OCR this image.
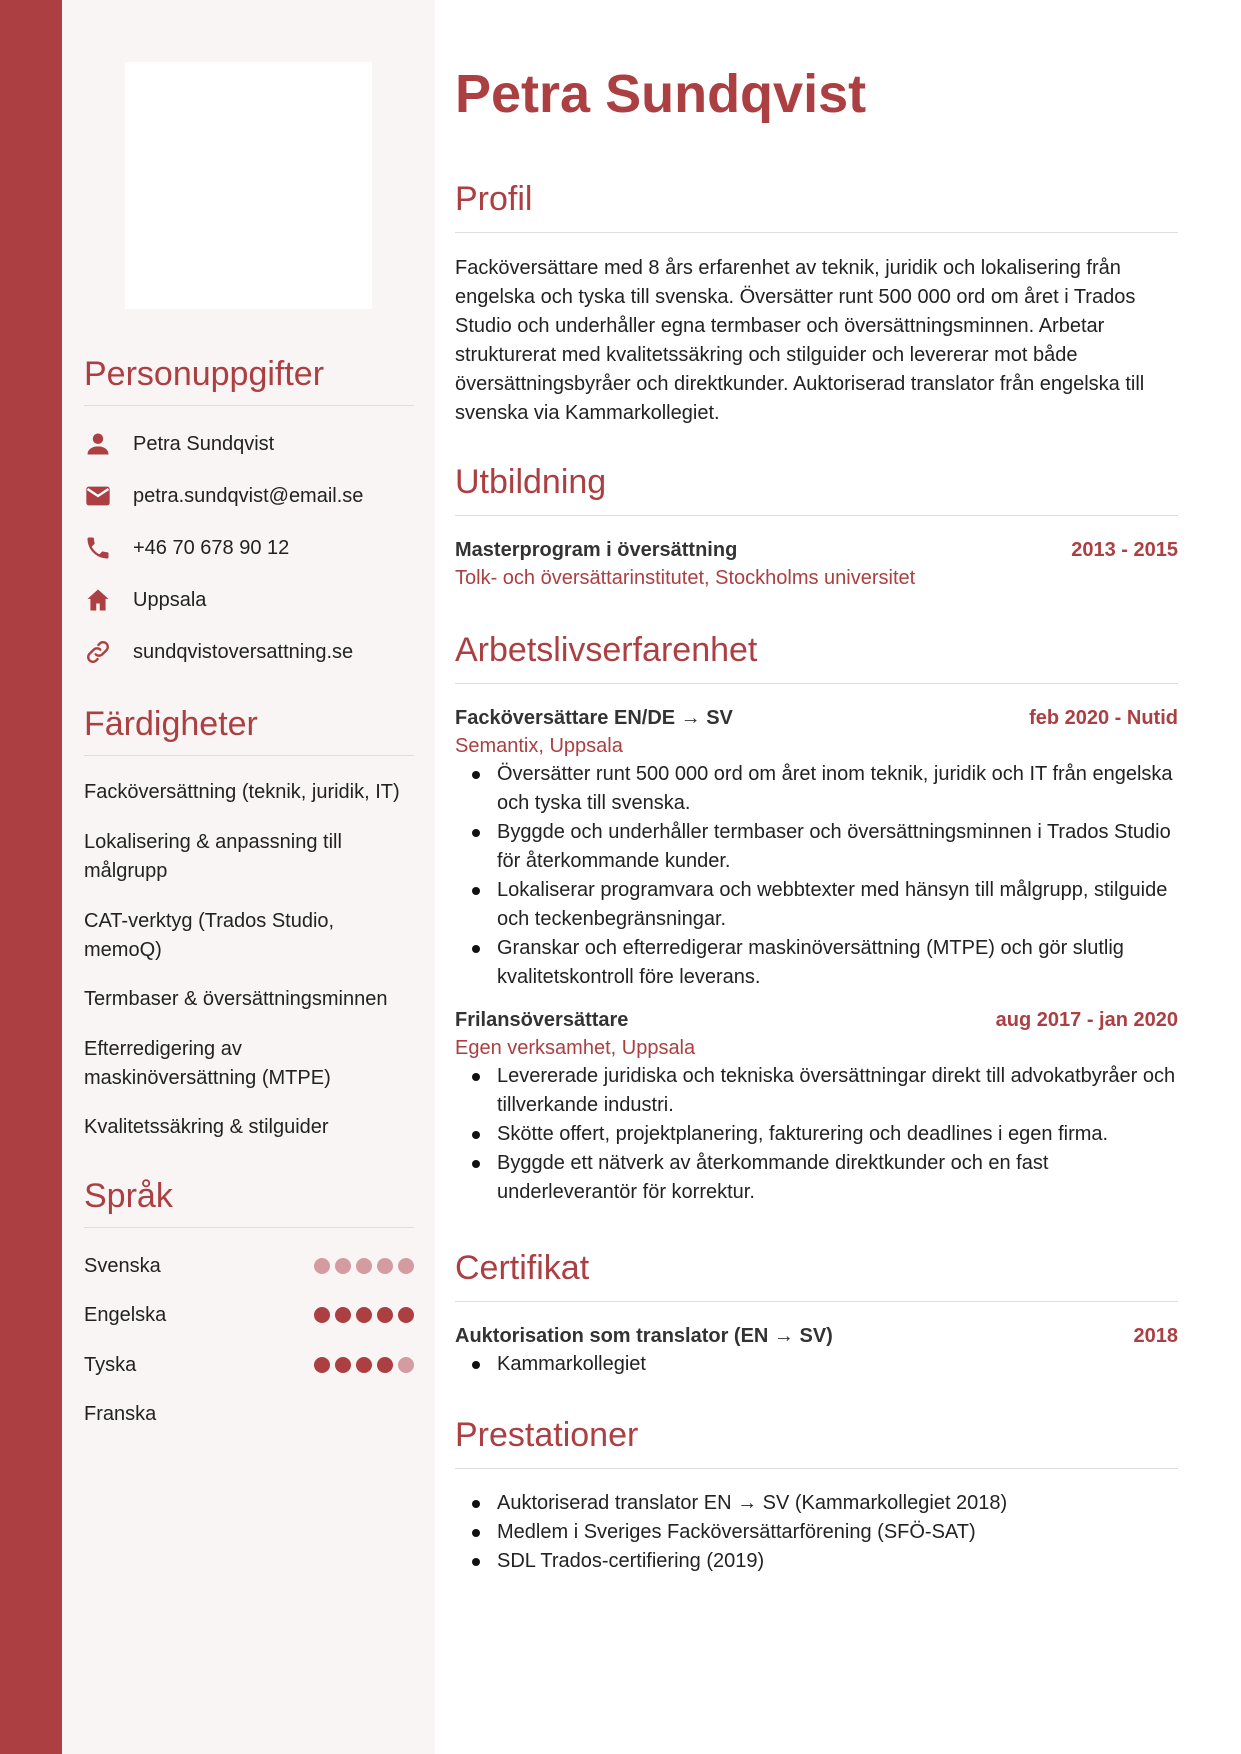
Personuppgifter
Petra Sundqvist
petra.sundqvist@email.se
+46 70 678 90 12
Uppsala
sundqvistoversattning.se
Färdigheter
Facköversättning (teknik, juridik, IT)
Lokalisering & anpassning till målgrupp
CAT-verktyg (Trados Studio, memoQ)
Termbaser & översättningsminnen
Efterredigering av maskinöversättning (MTPE)
Kvalitetssäkring & stilguider
Språk
Svenska
Engelska
Tyska
Franska
Petra Sundqvist
Profil

Facköversättare med 8 års erfarenhet av teknik, juridik och lokalisering från engelska och tyska till svenska. Översätter runt 500 000 ord om året i Trados Studio och underhåller egna termbaser och översättningsminnen. Arbetar strukturerat med kvalitetssäkring och stilguider och levererar mot både översättningsbyråer och direktkunder. Auktoriserad translator från engelska till svenska via Kammarkollegiet.

Utbildning
Masterprogram i översättning	2013 - 2015
Tolk- och översättarinstitutet, Stockholms universitet
Arbetslivserfarenhet
Facköversättare EN/DE → SV	feb 2020 - Nutid
Semantix, Uppsala
Översätter runt 500 000 ord om året inom teknik, juridik och IT från engelska och tyska till svenska.
Byggde och underhåller termbaser och översättningsminnen i Trados Studio för återkommande kunder.
Lokaliserar programvara och webbtexter med hänsyn till målgrupp, stilguide och teckenbegränsningar.
Granskar och efterredigerar maskinöversättning (MTPE) och gör slutlig kvalitetskontroll före leverans.
Frilansöversättare	aug 2017 - jan 2020
Egen verksamhet, Uppsala
Levererade juridiska och tekniska översättningar direkt till advokatbyråer och tillverkande industri.
Skötte offert, projektplanering, fakturering och deadlines i egen firma.
Byggde ett nätverk av återkommande direktkunder och en fast underleverantör för korrektur.
Certifikat
Auktorisation som translator (EN → SV)	2018
Kammarkollegiet
Prestationer
Auktoriserad translator EN → SV (Kammarkollegiet 2018)
Medlem i Sveriges Facköversättarförening (SFÖ-SAT)
SDL Trados-certifiering (2019)
